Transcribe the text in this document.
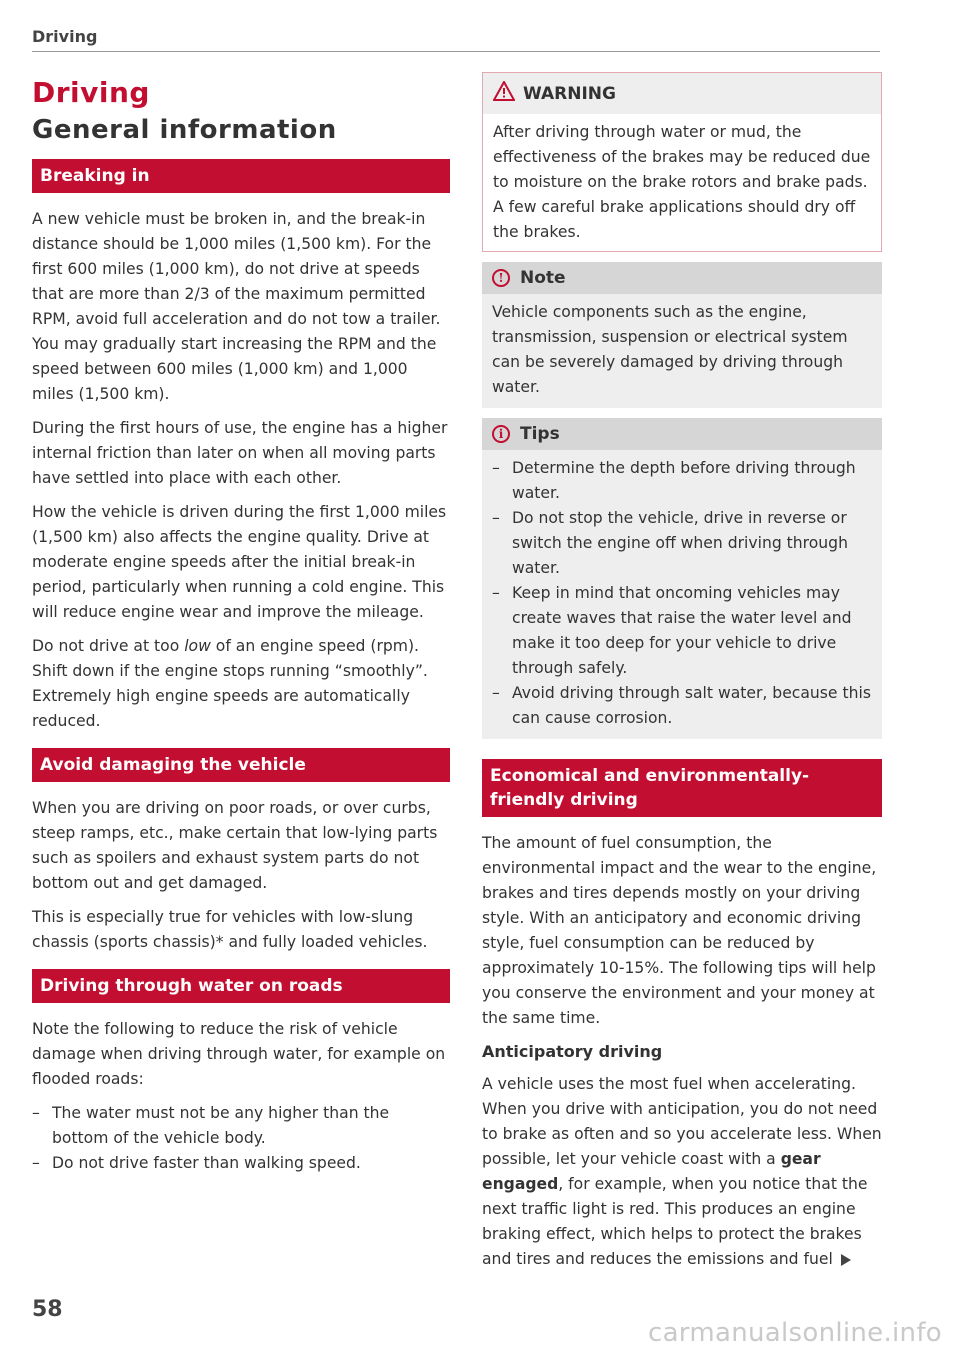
Driving
Driving
General information
Breaking in

A new vehicle must be broken in, and the break-in distance should be 1,000 miles (1,500 km). For the first 600 miles (1,000 km), do not drive at speeds that are more than 2/3 of the maximum permitted RPM, avoid full acceleration and do not tow a trailer. You may gradually start increasing the RPM and the speed between 600 miles (1,000 km) and 1,000 miles (1,500 km).

During the first hours of use, the engine has a higher internal friction than later on when all moving parts have settled into place with each other.

How the vehicle is driven during the first 1,000 miles (1,500 km) also affects the engine quality. Drive at moderate engine speeds after the initial break-in period, particularly when running a cold engine. This will reduce engine wear and improve the mileage.

Do not drive at too low of an engine speed (rpm). Shift down if the engine stops running “smoothly”. Extremely high engine speeds are automatically reduced.

Avoid damaging the vehicle

When you are driving on poor roads, or over curbs, steep ramps, etc., make certain that low-lying parts such as spoilers and exhaust system parts do not bottom out and get damaged.

This is especially true for vehicles with low-slung chassis (sports chassis)* and fully loaded vehicles.

Driving through water on roads

Note the following to reduce the risk of vehicle damage when driving through water, for example on flooded roads:

– The water must not be any higher than the bottom of the vehicle body.
– Do not drive faster than walking speed.
WARNING

After driving through water or mud, the effectiveness of the brakes may be reduced due to moisture on the brake rotors and brake pads. A few careful brake applications should dry off the brakes.

! Note

Vehicle components such as the engine, transmission, suspension or electrical system can be severely damaged by driving through water.

i Tips
– Determine the depth before driving through water.
– Do not stop the vehicle, drive in reverse or switch the engine off when driving through water.
– Keep in mind that oncoming vehicles may create waves that raise the water level and make it too deep for your vehicle to drive through safely.
– Avoid driving through salt water, because this can cause corrosion.
Economical and environmentally-friendly driving

The amount of fuel consumption, the environmental impact and the wear to the engine, brakes and tires depends mostly on your driving style. With an anticipatory and economic driving style, fuel consumption can be reduced by approximately 10-15%. The following tips will help you conserve the environment and your money at the same time.

Anticipatory driving

A vehicle uses the most fuel when accelerating. When you drive with anticipation, you do not need to brake as often and so you accelerate less. When possible, let your vehicle coast with a gear engaged, for example, when you notice that the next traffic light is red. This produces an engine braking effect, which helps to protect the brakes and tires and reduces the emissions and fuel

58
carmanualsonline.info
